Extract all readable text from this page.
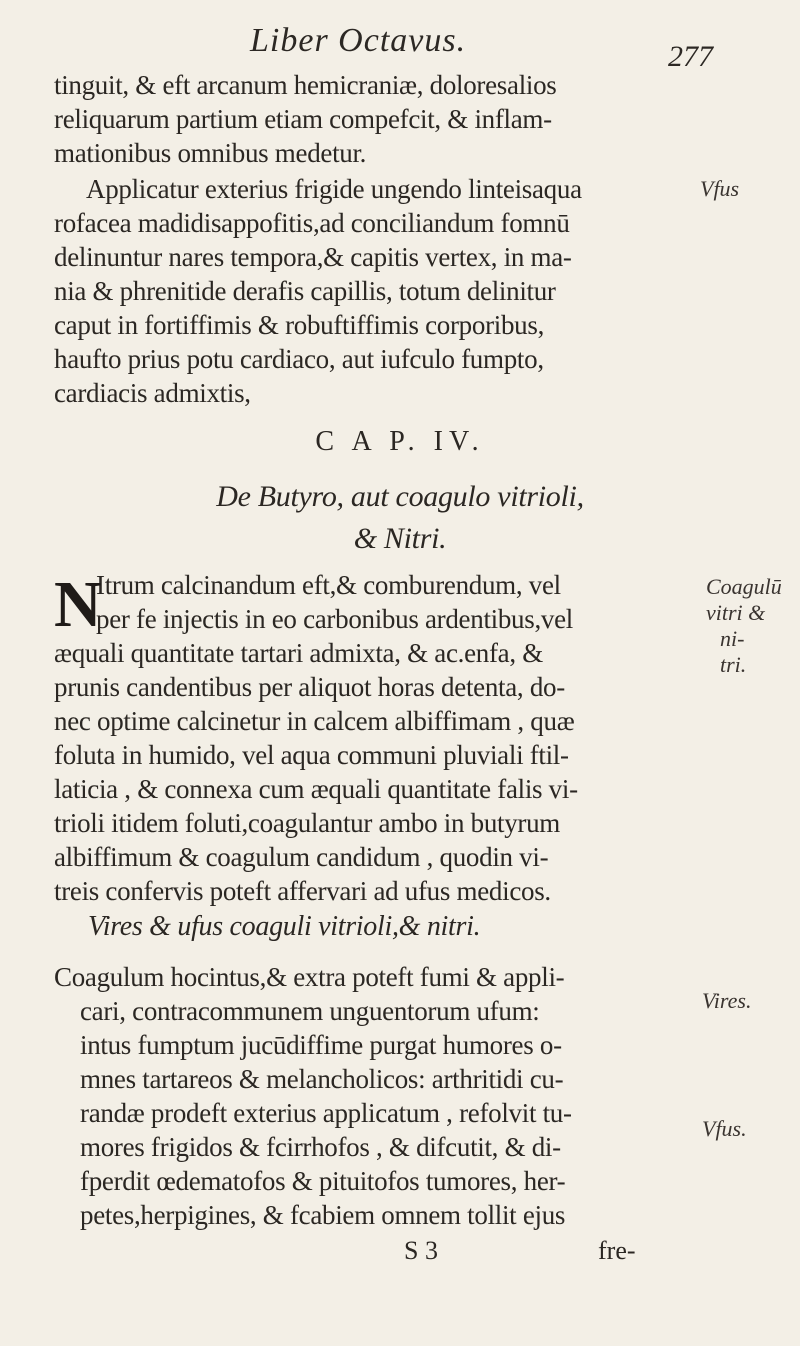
Liber Octavus.	277
tinguit, & eft arcanum hemicraniæ, doloresalios
reliquarum partium etiam compefcit, & inflam-
mationibus omnibus medetur.
Applicatur exterius frigide ungendo linteisaqua
rofacea madidisappofitis,ad conciliandum fomnū
delinuntur nares tempora,& capitis vertex, in ma-
nia & phrenitide derafis capillis, totum delinitur
caput in fortiffimis & robuftiffimis corporibus,
haufto prius potu cardiaco, aut iufculo fumpto,
cardiacis admixtis,
Vfus
C A P. IV.
De Butyro, aut coagulo vitrioli,
& Nitri.
N
Itrum calcinandum eft,& comburendum, vel
per fe injectis in eo carbonibus ardentibus,vel
æquali quantitate tartari admixta, & ac.enfa, &
prunis candentibus per aliquot horas detenta, do-
nec optime calcinetur in calcem albiffimam , quæ
foluta in humido, vel aqua communi pluviali ftil-
laticia , & connexa cum æquali quantitate falis vi-
trioli itidem foluti,coagulantur ambo in butyrum
albiffimum & coagulum candidum , quodin vi-
treis confervis poteft affervari ad ufus medicos.
Coagulū
vitri &
ni-
tri.
Vires & ufus coaguli vitrioli,& nitri.
Coagulum hocintus,& extra poteft fumi & appli-
cari, contracommunem unguentorum ufum:
intus fumptum jucūdiffime purgat humores o-
mnes tartareos & melancholicos: arthritidi cu-
randæ prodeft exterius applicatum , refolvit tu-
mores frigidos & fcirrhofos , & difcutit, & di-
fperdit œdematofos & pituitofos tumores, her-
petes,herpigines, & fcabiem omnem tollit ejus
Vires.
Vfus.
S 3	fre-
